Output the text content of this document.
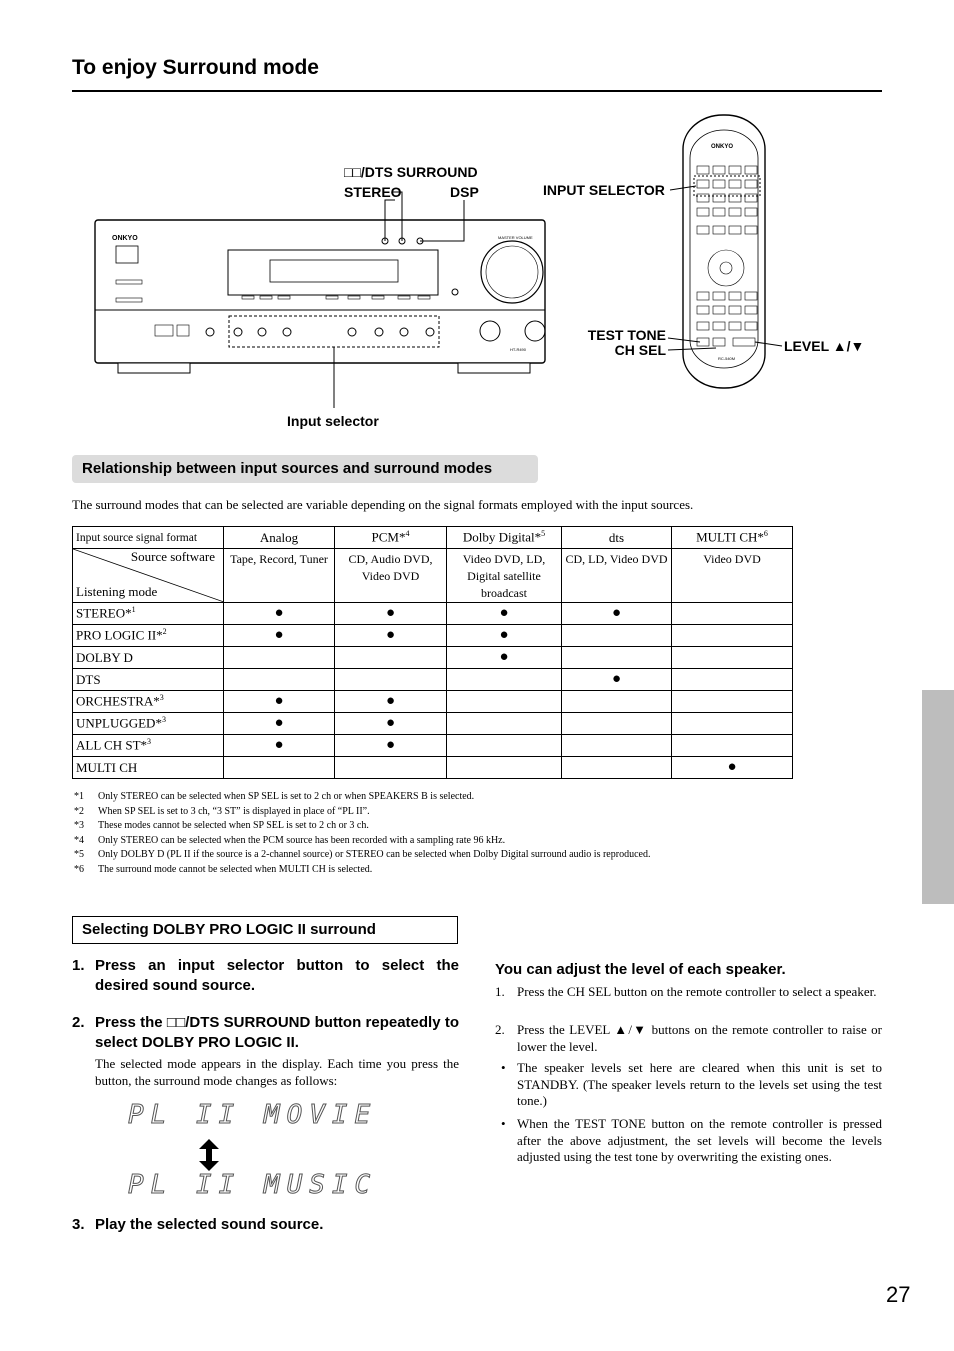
To enjoy Surround mode
ONKYO	MASTER VOLUME
HT-R490
ONKYO
RC-540M
□□/DTS SURROUND
STEREO	DSP	INPUT SELECTOR
TEST TONE
CH SEL	LEVEL ▲/▼
Input selector
Relationship between input sources and surround modes
The surround modes that can be selected are variable depending on the signal formats employed with the input sources.
Input source signal format	Analog	PCM*$^4$	Dolby Digital*$^5$	dts	MULTI CH*$^6$

Source software
Listening mode	Tape, Record, Tuner	CD, Audio DVD, Video DVD	Video DVD, LD, Digital satellite broadcast	CD, LD, Video DVD	Video DVD
STEREO*$^1$	●	●	●	●	
PRO LOGIC II*$^2$	●	●	●		
DOLBY D			●		
DTS				●	
ORCHESTRA*$^3$	●	●			
UNPLUGGED*$^3$	●	●			
ALL CH ST*$^3$	●	●			
MULTI CH					●
*1 Only STEREO can be selected when SP SEL is set to 2 ch or when SPEAKERS B is selected.
*2 When SP SEL is set to 3 ch, “3 ST” is displayed in place of “PL II”.
*3 These modes cannot be selected when SP SEL is set to 2 ch or 3 ch.
*4 Only STEREO can be selected when the PCM source has been recorded with a sampling rate 96 kHz.
*5 Only DOLBY D (PL II if the source is a 2-channel source) or STEREO can be selected when Dolby Digital surround audio is reproduced.
*6 The surround mode cannot be selected when MULTI CH is selected.
Selecting DOLBY PRO LOGIC II surround
1. Press an input selector button to select the desired sound source.
2. Press the □□/DTS SURROUND button repeatedly to select DOLBY PRO LOGIC II.
The selected mode appears in the display. Each time you press the button, the surround mode changes as follows:
PL II MOVIE
PL II MUSIC
3. Play the selected sound source.
You can adjust the level of each speaker.
1. Press the CH SEL button on the remote controller to select a speaker.
2. Press the LEVEL ▲/▼ buttons on the remote controller to raise or lower the level.
• The speaker levels set here are cleared when this unit is set to STANDBY. (The speaker levels return to the levels set using the test tone.)
• When the TEST TONE button on the remote controller is pressed after the above adjustment, the set levels will become the levels adjusted using the test tone by overwriting the existing ones.
27
